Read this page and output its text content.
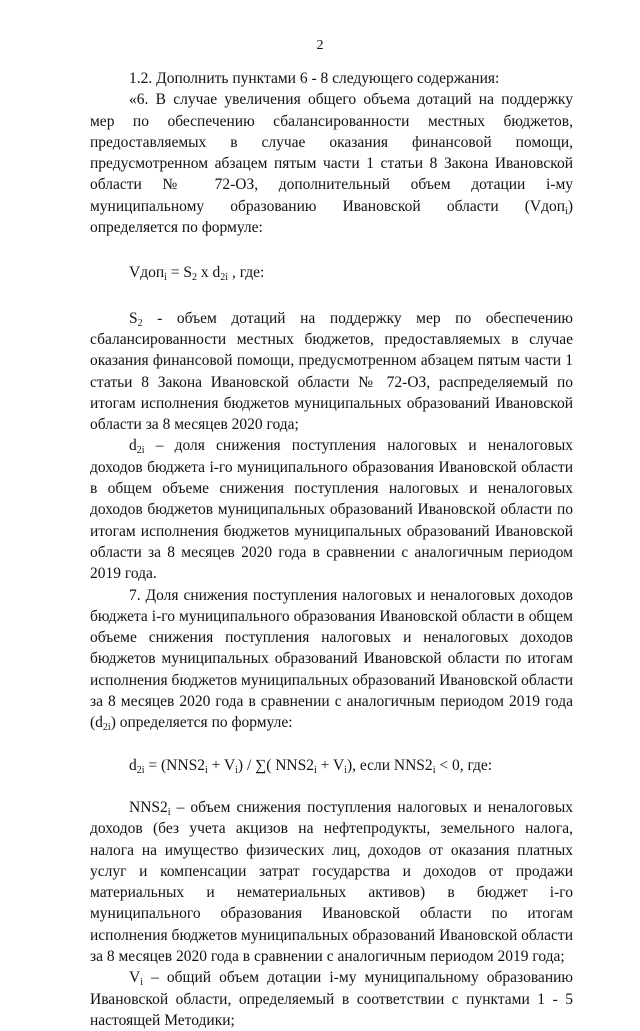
2

1.2. Дополнить пунктами 6 - 8 следующего содержания:

«6. В случае увеличения общего объема дотаций на поддержку мер по обеспечению сбалансированности местных бюджетов, предоставляемых в случае оказания финансовой помощи, предусмотренном абзацем пятым части 1 статьи 8 Закона Ивановской области № 72-ОЗ, дополнительный объем дотации i-му муниципальному образованию Ивановской области (Vдоп$_i$) определяется по формуле:

Vдоп$_i$ = $S_2$ x $d_{2i}$ , где:

$S_2$ - объем дотаций на поддержку мер по обеспечению сбалансированности местных бюджетов, предоставляемых в случае оказания финансовой помощи, предусмотренном абзацем пятым части 1 статьи 8 Закона Ивановской области № 72-ОЗ, распределяемый по итогам исполнения бюджетов муниципальных образований Ивановской области за 8 месяцев 2020 года;

$d_{2i}$ – доля снижения поступления налоговых и неналоговых доходов бюджета i-го муниципального образования Ивановской области в общем объеме снижения поступления налоговых и неналоговых доходов бюджетов муниципальных образований Ивановской области по итогам исполнения бюджетов муниципальных образований Ивановской области за 8 месяцев 2020 года в сравнении с аналогичным периодом 2019 года.

7. Доля снижения поступления налоговых и неналоговых доходов бюджета i-го муниципального образования Ивановской области в общем объеме снижения поступления налоговых и неналоговых доходов бюджетов муниципальных образований Ивановской области по итогам исполнения бюджетов муниципальных образований Ивановской области за 8 месяцев 2020 года в сравнении с аналогичным периодом 2019 года $(d_{2i})$ определяется по формуле:

$d_{2i} = (NNS2_i + V_i)$ / ∑( $NNS2_i + V_i$), если $NNS2_i < 0$, где:

$NNS2_i$ – объем снижения поступления налоговых и неналоговых доходов (без учета акцизов на нефтепродукты, земельного налога, налога на имущество физических лиц, доходов от оказания платных услуг и компенсации затрат государства и доходов от продажи материальных и нематериальных активов) в бюджет i-го муниципального образования Ивановской области по итогам исполнения бюджетов муниципальных образований Ивановской области за 8 месяцев 2020 года в сравнении с аналогичным периодом 2019 года;

$V_i$ – общий объем дотации i-му муниципальному образованию Ивановской области, определяемый в соответствии с пунктами 1 - 5 настоящей Методики;
